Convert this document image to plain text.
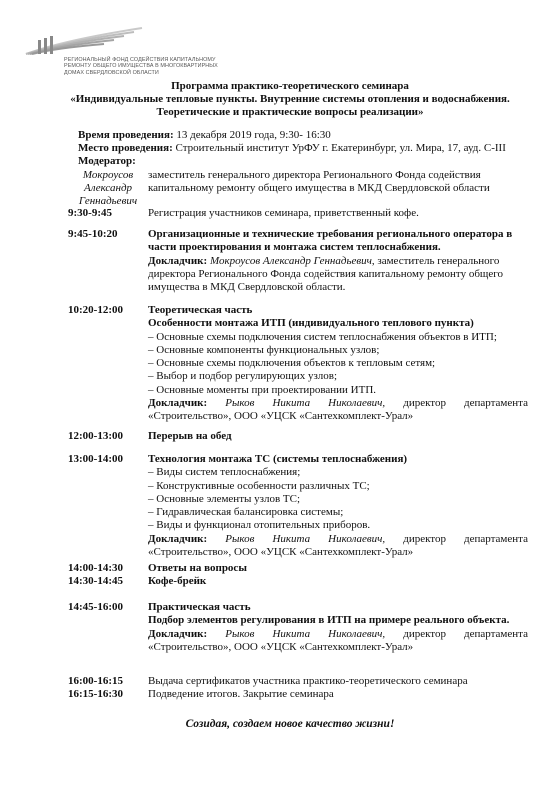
РЕГИОНАЛЬНЫЙ ФОНД СОДЕЙСТВИЯ КАПИТАЛЬНОМУ
РЕМОНТУ ОБЩЕГО ИМУЩЕСТВА В МНОГОКВАРТИРНЫХ
ДОМАХ СВЕРДЛОВСКОЙ ОБЛАСТИ
Программа практико-теоретического семинара
«Индивидуальные тепловые пункты. Внутренние системы отопления и водоснабжения.
Теоретические и практические вопросы реализации»
Время проведения: 13 декабря 2019 года, 9:30- 16:30
Место проведения: Строительный институт УрФУ г. Екатеринбург, ул. Мира, 17, ауд. С-III
Модератор:
Мокроусов
Александр
Геннадьевич
заместитель генерального директора Регионального Фонда содействия
капитальному ремонту общего имущества в МКД Свердловской области
9:30-9:45	Регистрация участников семинара, приветственный кофе.
9:45-10:20	Организационные и технические требования регионального оператора в
части проектирования и монтажа систем теплоснабжения.
Докладчик: Мокроусов Александр Геннадьевич, заместитель генерального
директора Регионального Фонда содействия капитальному ремонту общего
имущества в МКД Свердловской области.
10:20-12:00 Теоретическая часть
Особенности монтажа ИТП (индивидуального теплового пункта)
– Основные схемы подключения систем теплоснабжения объектов в ИТП;
– Основные компоненты функциональных узлов;
– Основные схемы подключения объектов к тепловым сетям;
– Выбор и подбор регулирующих узлов;
– Основные моменты при проектировании ИТП.
Докладчик: Рыков Никита Николаевич, директор департамента
«Строительство», ООО «УЦСК «Сантехкомплект-Урал»
12:00-13:00 Перерыв на обед
13:00-14:00 Технология монтажа ТС (системы теплоснабжения)
– Виды систем теплоснабжения;
– Конструктивные особенности различных ТС;
– Основные элементы узлов ТС;
– Гидравлическая балансировка системы;
– Виды и функционал отопительных приборов.
Докладчик: Рыков Никита Николаевич, директор департамента
«Строительство», ООО «УЦСК «Сантехкомплект-Урал»
14:00-14:30 Ответы на вопросы
14:30-14:45 Кофе-брейк
14:45-16:00 Практическая часть
Подбор элементов регулирования в ИТП на примере реального объекта.
Докладчик: Рыков Никита Николаевич, директор департамента
«Строительство», ООО «УЦСК «Сантехкомплект-Урал»
16:00-16:15 Выдача сертификатов участника практико-теоретического семинара
16:15-16:30 Подведение итогов. Закрытие семинара
Созидая, создаем новое качество жизни!
